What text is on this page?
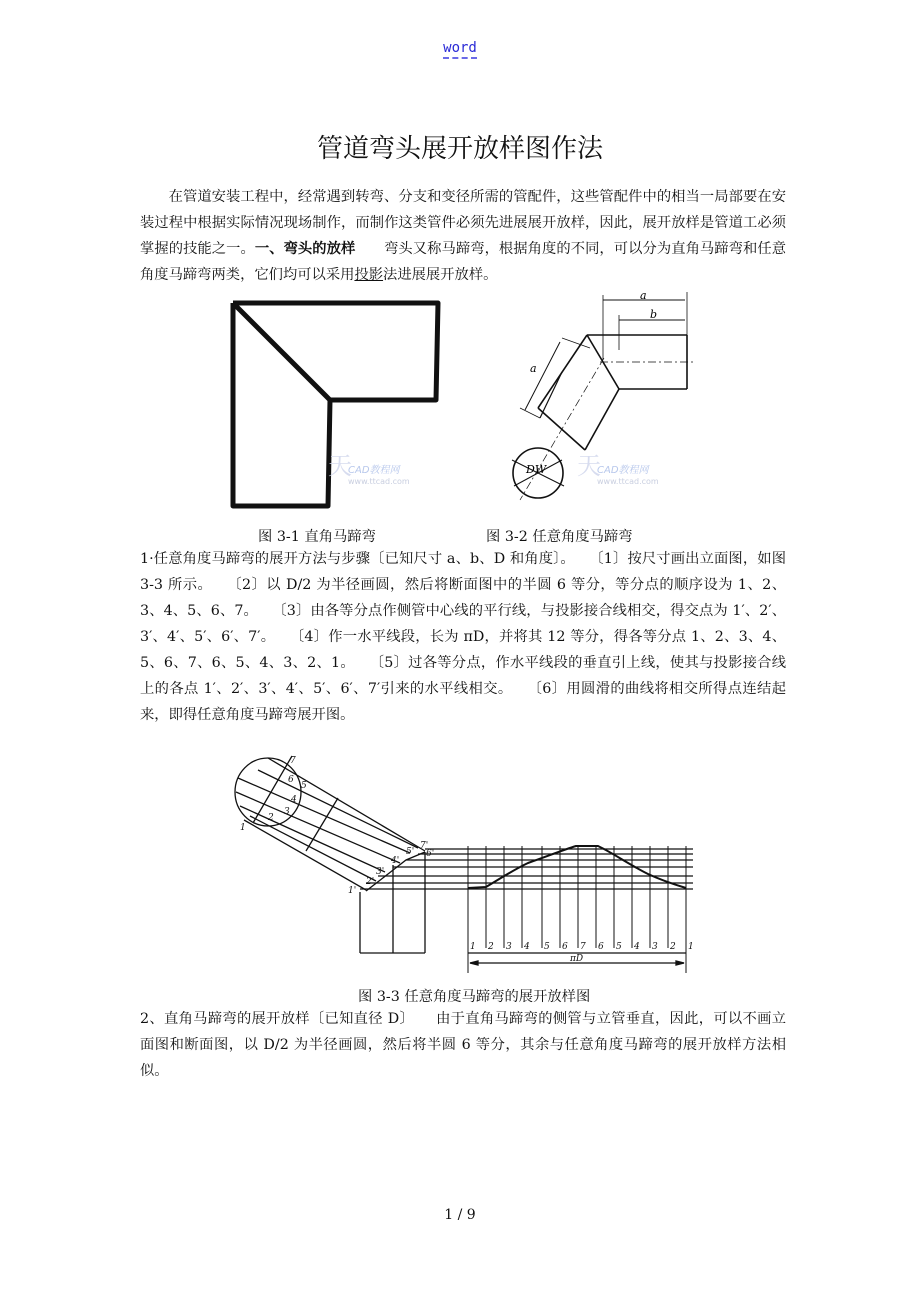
word
管道弯头展开放样图作法
在管道安装工程中，经常遇到转弯、分支和变径所需的管配件，这些管配件中的相当一局部要在安装过程中根据实际情况现场制作，而制作这类管件必须先进展展开放样，因此，展开放样是管道工必须掌握的技能之一。一、弯头的放样　　弯头又称马蹄弯，根据角度的不同，可以分为直角马蹄弯和任意角度马蹄弯两类，它们均可以采用投影法进展展开放样。
天
CAD教程网
www.ttcad.com
a
b
a
DW 天
CAD教程网
www.ttcad.com
图 3-1 直角马蹄弯	图 3-2 任意角度马蹄弯
1·任意角度马蹄弯的展开方法与步骤〔已知尺寸 a、b、D 和角度〕。　　〔1〕按尺寸画出立面图，如图 3-3 所示。　　〔2〕以 D/2 为半径画圆，然后将断面图中的半圆 6 等分，等分点的顺序设为 1、2、3、4、5、6、7。　　〔3〕由各等分点作侧管中心线的平行线，与投影接合线相交，得交点为 1′、2′、3′、4′、5′、6′、7′。　　〔4〕作一水平线段，长为 πD，并将其 12 等分，得各等分点 1、2、3、4、5、6、7、6、5、4、3、2、1。　　〔5〕过各等分点，作水平线段的垂直引上线，使其与投影接合线上的各点 1′、2′、3′、4′、5′、6′、7′引来的水平线相交。　　〔6〕用圆滑的曲线将相交所得点连结起来，即得任意角度马蹄弯展开图。
1 2 3 4 5 6 7 6 5 4 3 2 1
πD
1
2
3
4
5
6
7
1'
2'
3'
4'
5' 6'
7'
图 3-3 任意角度马蹄弯的展开放样图
2、直角马蹄弯的展开放样〔已知直径 D〕　　由于直角马蹄弯的侧管与立管垂直，因此，可以不画立面图和断面图，以 D/2 为半径画圆，然后将半圆 6 等分，其余与任意角度马蹄弯的展开放样方法相似。
1 / 9
